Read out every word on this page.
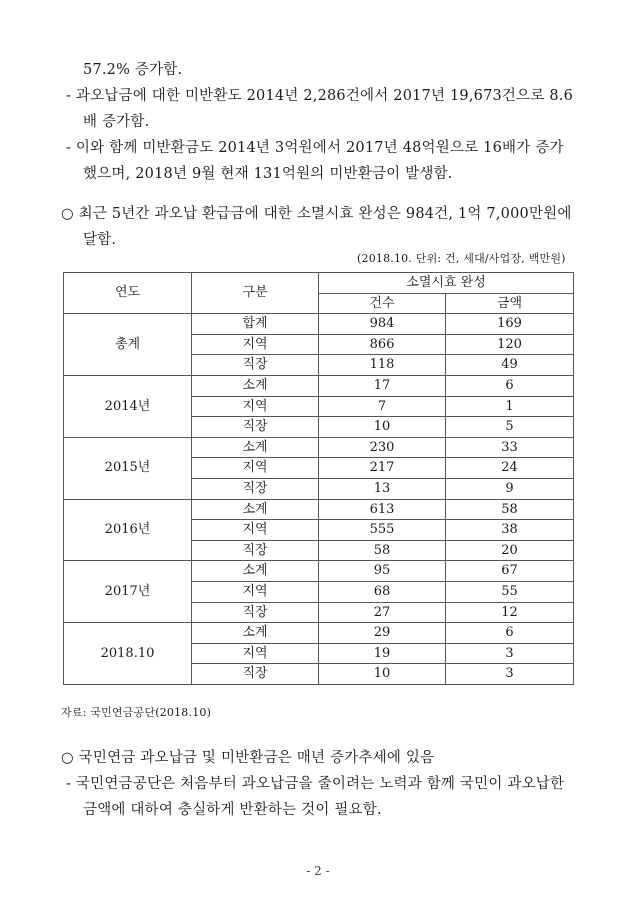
57.2% 증가함.
- 과오납금에 대한 미반환도 2014년 2,286건에서 2017년 19,673건으로 8.6
배 증가함.
- 이와 함께 미반환금도 2014년 3억원에서 2017년 48억원으로 16배가 증가
했으며, 2018년 9월 현재 131억원의 미반환금이 발생함.
○ 최근 5년간 과오납 환급금에 대한 소멸시효 완성은 984건, 1억 7,000만원에
달함.
(2018.10. 단위: 건, 세대/사업장, 백만원)
연도	구분	소멸시효 완성	
		건수	금액
총계	합계	984	169
	지역	866	120
	직장	118	49
2014년	소계	17	6
	지역	7	1
	직장	10	5
2015년	소계	230	33
	지역	217	24
	직장	13	9
2016년	소계	613	58
	지역	555	38
	직장	58	20
2017년	소계	95	67
	지역	68	55
	직장	27	12
2018.10	소계	29	6
	지역	19	3
	직장	10	3
자료: 국민연금공단(2018.10)
○ 국민연금 과오납금 및 미반환금은 매년 증가추세에 있음
- 국민연금공단은 처음부터 과오납금을 줄이려는 노력과 함께 국민이 과오납한
금액에 대하여 충실하게 반환하는 것이 필요함.
- 2 -
